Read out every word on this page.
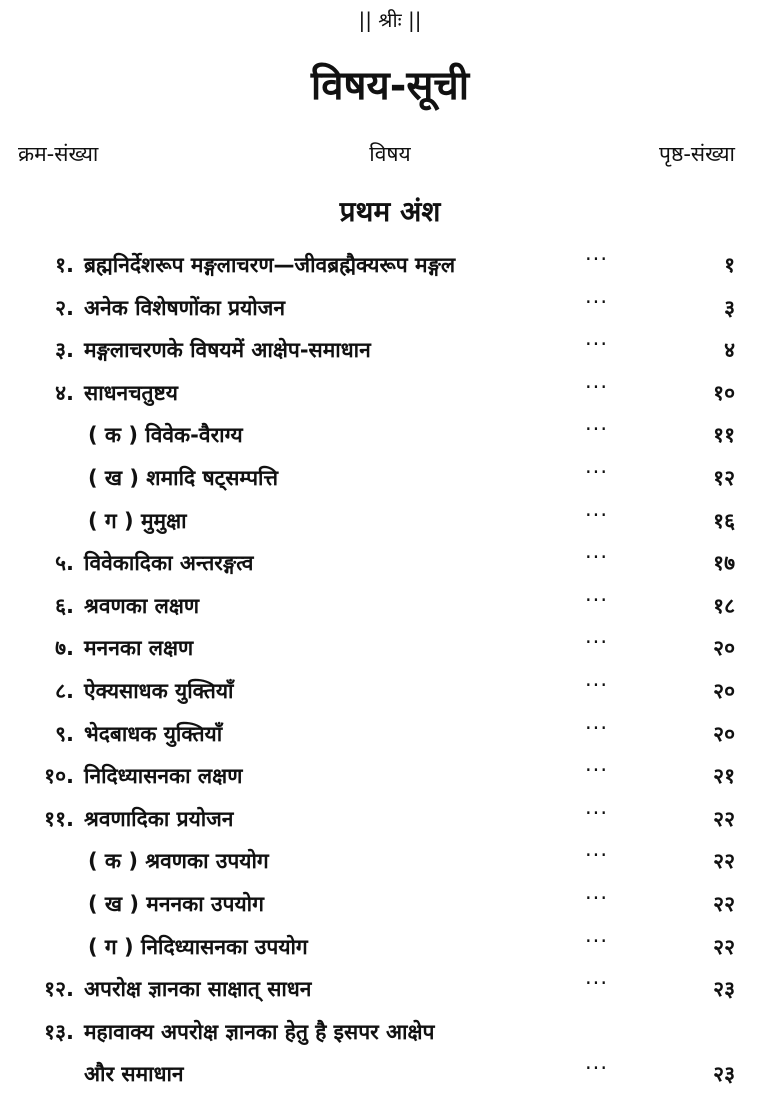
|| श्रीः ||
विषय-सूची
क्रम-संख्या	विषय	पृष्ठ-संख्या
प्रथम अंश
१. ब्रह्मनिर्देशरूप मङ्गलाचरण—जीवब्रह्मैक्यरूप मङ्गल	···	१
२. अनेक विशेषणोंका प्रयोजन	···	३
३. मङ्गलाचरणके विषयमें आक्षेप-समाधान	···	४
४. साधनचतुष्टय	···	१०
( क ) विवेक-वैराग्य	···	११
( ख ) शमादि षट्सम्पत्ति	···	१२
( ग ) मुमुक्षा	···	१६
५. विवेकादिका अन्तरङ्गत्व	···	१७
६. श्रवणका लक्षण	···	१८
७. मननका लक्षण	···	२०
८. ऐक्यसाधक युक्तियाँ	···	२०
९. भेदबाधक युक्तियाँ	···	२०
१०. निदिध्यासनका लक्षण	···	२१
११. श्रवणादिका प्रयोजन	···	२२
( क ) श्रवणका उपयोग	···	२२
( ख ) मननका उपयोग	···	२२
( ग ) निदिध्यासनका उपयोग	···	२२
१२. अपरोक्ष ज्ञानका साक्षात् साधन	···	२३
१३. महावाक्य अपरोक्ष ज्ञानका हेतु है इसपर आक्षेप
और समाधान	···	२३
